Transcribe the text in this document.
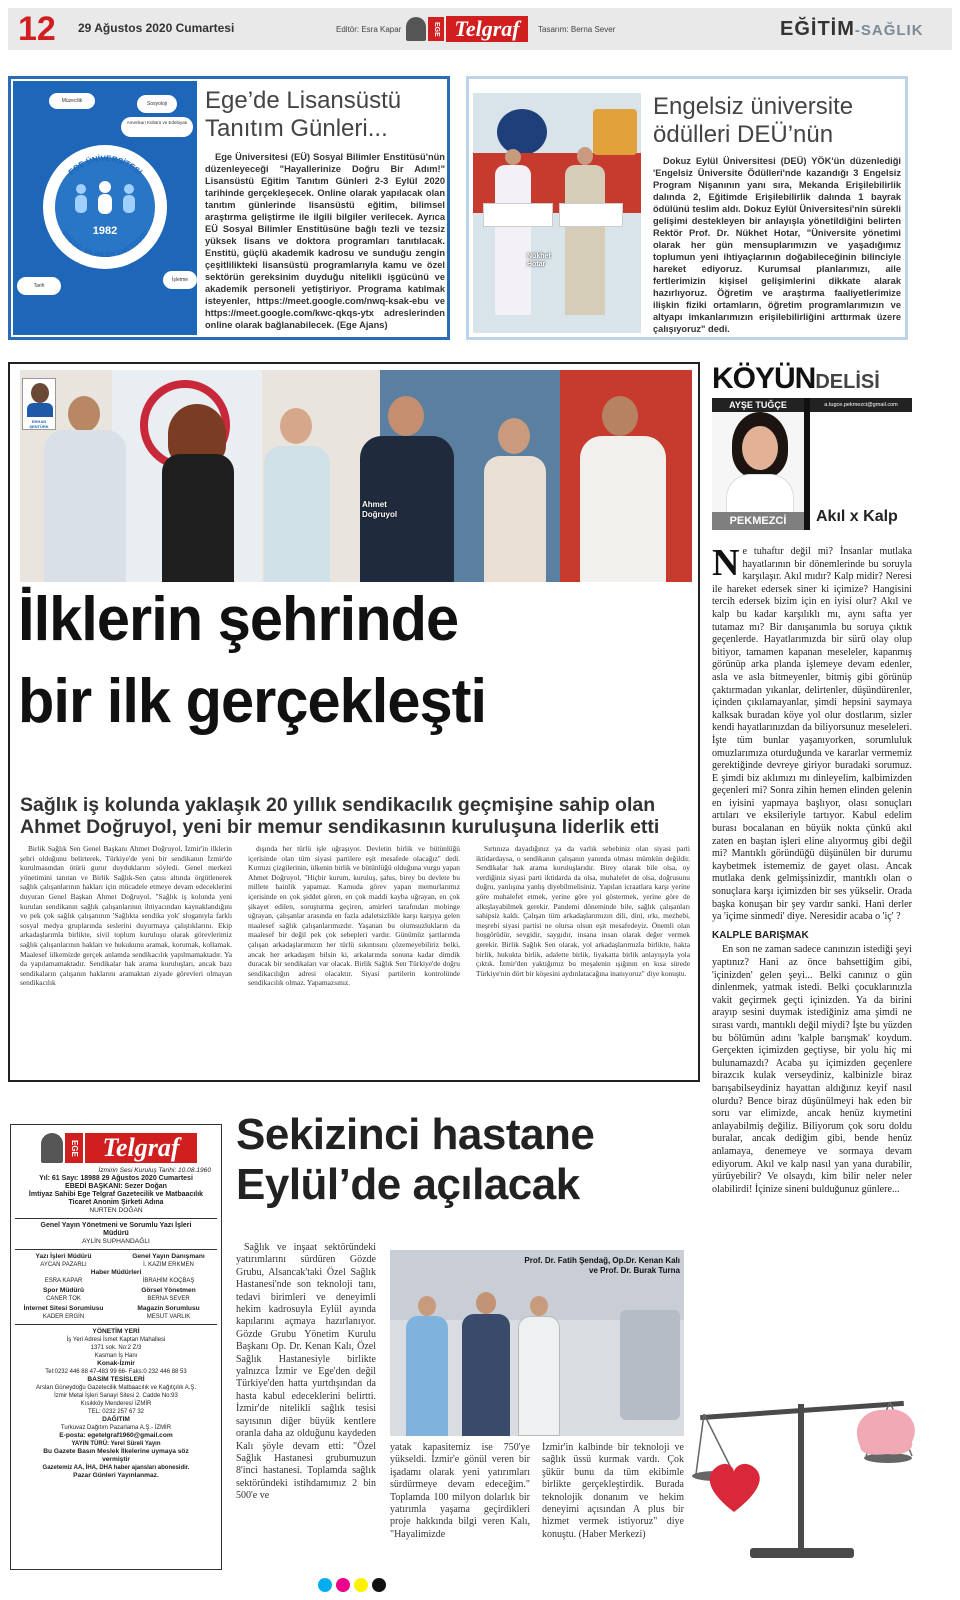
12 29 Ağustos 2020 Cumartesi	Editör: Esra Kapar	EGE Telgraf	Tasarım: Berna Sever	EĞİTİM-SAĞLIK
Müzecilik	Sosyoloji
Amerikan Kültürü ve Edebiyatı
Tarih
İşletme
EGE ÜNİVERSİTESİ
SOSYAL BİLİMLER ENSTİTÜSÜ
1982
Ege’de Lisansüstü
Tanıtım Günleri...
Ege Üniversitesi (EÜ) Sosyal Bilimler Enstitüsü'nün düzenleyeceği "Hayallerinize Doğru Bir Adım!" Lisansüstü Eğitim Tanıtım Günleri 2-3 Eylül 2020 tarihinde gerçekleşecek. Online olarak yapılacak olan tanıtım günlerinde lisansüstü eğitim, bilimsel araştırma geliştirme ile ilgili bilgiler verilecek. Ayrıca EÜ Sosyal Bilimler Enstitüsüne bağlı tezli ve tezsiz yüksek lisans ve doktora programları tanıtılacak. Enstitü, güçlü akademik kadrosu ve sunduğu zengin çeşitlilikteki lisansüstü programlarıyla kamu ve özel sektörün gereksinim duyduğu nitelikli işgücünü ve akademik personeli yetiştiriyor. Programa katılmak isteyenler, https://meet.google.com/nwq-ksak-ebu ve https://meet.google.com/kwc-qkqs-ytx adreslerinden online olarak bağlanabilecek. (Ege Ajans)
Nükhet Hotar
Engelsiz üniversite
ödülleri DEÜ’nün
Dokuz Eylül Üniversitesi (DEÜ) YÖK'ün düzenlediği 'Engelsiz Üniversite Ödülleri'nde kazandığı 3 Engelsiz Program Nişanının yanı sıra, Mekanda Erişilebilirlik dalında 2, Eğitimde Erişilebilirlik dalında 1 bayrak ödülünü teslim aldı. Dokuz Eylül Üniversitesi'nin sürekli gelişimi destekleyen bir anlayışla yönetildiğini belirten Rektör Prof. Dr. Nükhet Hotar, "Üniversite yönetimi olarak her gün mensuplarımızın ve yaşadığımız toplumun yeni ihtiyaçlarının doğabileceğinin bilinciyle hareket ediyoruz. Kurumsal planlarımızı, aile fertlerimizin kişisel gelişimlerini dikkate alarak hazırlıyoruz. Öğretim ve araştırma faaliyetlerimize ilişkin fiziki ortamların, öğretim programlarımızın ve altyapı imkanlarımızın erişilebilirliğini arttırmak üzere çalışıyoruz" dedi.
ERHAN ŞENTÜRK
Ahmet Doğruyol
İlklerin şehrinde
bir ilk gerçekleşti
Sağlık iş kolunda yaklaşık 20 yıllık sendikacılık geçmişine sahip olan
Ahmet Doğruyol, yeni bir memur sendikasının kuruluşuna liderlik etti
Birlik Sağlık Sen Genel Başkanı Ahmet Doğruyol, İzmir'in ilklerin şehri olduğunu belirterek, Türkiye'de yeni bir sendikanın İzmir'de kurulmasından ötürü gurur duyduklarını söyledi. Genel merkezi yönetimini tanıtan ve Birlik Sağlık-Sen çatısı altında örgütlenerek sağlık çalışanlarının hakları için mücadele etmeye devam edeceklerini duyuran Genel Başkan Ahmet Doğruyol, "Sağlık iş kolunda yeni kurulan sendikanın sağlık çalışanlarının ihtiyacından kaynaklandığını ve pek çok sağlık çalışanının 'Sağlıkta sendika yok' sloganıyla farklı sosyal medya gruplarında seslerini duyurmaya çalıştıklarını. Ekip arkadaşlarımla birlikte, sivil toplum kuruluşu olarak görevlerimiz sağlık çalışanlarının hakları ve hukukunu aramak, korumak, kollamak. Maalesef ülkemizde gerçek anlamda sendikacılık yapılmamaktadır. Ya da yapılamamaktadır. Sendikalar hak arama kuruluşları, ancak bazı sendikaların çalışanın haklarını aramaktan ziyade görevleri olmayan sendikacılık
dışında her türlü işle uğraşıyor. Devletin birlik ve bütünlüğü içerisinde olan tüm siyasi partilere eşit mesafede olacağız" dedi. Kırmızı çizgilerinin, ülkenin birlik ve bütünlüğü olduğuna vurgu yapan Ahmet Doğruyol, "Hiçbir kurum, kuruluş, şahıs, birey bu devlete bu millete hainlik yapamaz. Kamuda görev yapan memurlarımız içerisinde en çok şiddet gören, en çok maddi kayba uğrayan, en çok şikayet edilen, soruşturma geçiren, amirleri tarafından mobinge uğrayan, çalışanlar arasında en fazla adaletsizlikle karşı karşıya gelen maalesef sağlık çalışanlarımızdır. Yaşanan bu olumsuzlukların da maalesef bir değil pek çok sebepleri vardır. Günümüz şartlarında çalışan arkadaşlarımızın her türlü sıkıntısını çözemeyebiliriz belki, ancak her arkadaşım bilsin ki, arkalarında sonuna kadar dimdik duracak bir sendikaları var olacak. Birlik Sağlık Sen Türkiye'de doğru sendikacılığın adresi olacaktır. Siyasi partilerin kontrolünde sendikacılık olmaz. Yapamazsınız.
Sırtınıza dayadığınız ya da varlık sebebiniz olan siyasi parti iktidardaysa, o sendikanın çalışanın yanında olması mümkün değildir. Sendikalar hak arama kuruluşlarıdır. Birey olarak bile olsa, oy verdiğiniz siyasi parti iktidarda da olsa, muhalefet de olsa, doğrusunu doğru, yanlışına yanlış diyebilmelisiniz. Yapılan icraatlara karşı yerine göre muhalefet etmek, yerine göre yol göstermek, yerine göre de alkışlayabilmek gerekir. Pandemi döneminde bile, sağlık çalışanları sahipsiz kaldı. Çalışan tüm arkadaşlarımızın dili, dini, ırkı, mezhebi, meşrebi siyasi partisi ne olursa olsun eşit mesafedeyiz. Önemli olan hoşgörüdür, sevgidir, saygıdır, insana insan olarak değer vermek gerekir. Birlik Sağlık Sen olarak, yol arkadaşlarımızla birlikte, hakta birlik, hukukta birlik, adalette birlik, liyakatta birlik anlayışıyla yola çıktık. İzmir'den yaktığımız bu meşalenin ışığının en kısa sürede Türkiye'nin dört bir köşesini aydınlatacağına inanıyoruz" diye konuştu.
KÖYÜNDELİSİ
PEKMEZCİ
AYŞE TUĞÇE	a.tugce.pekmezci@gmail.com
Akıl x Kalp
Ne tuhaftır değil mi? İnsanlar mutlaka hayatlarının bir dönemlerinde bu soruyla karşılaşır. Akıl mıdır? Kalp midir? Neresi ile hareket edersek siner ki içimize? Hangisini tercih edersek bizim için en iyisi olur? Akıl ve kalp bu kadar karşılıklı mı, aynı safta yer tutamaz mı? Bir danışanımla bu soruya çıktık geçenlerde. Hayatlarımızda bir sürü olay olup bitiyor, tamamen kapanan meseleler, kapanmış görünüp arka planda işlemeye devam edenler, asla ve asla bitmeyenler, bitmiş gibi görünüp çaktırmadan yıkanlar, delirtenler, düşündürenler, içinden çıkılamayanlar, şimdi hepsini saymaya kalksak buradan köye yol olur dostlarım, sizler kendi hayatlarınızdan da biliyorsunuz meseleleri. İşte tüm bunlar yaşanıyorken, sorumluluk omuzlarımıza oturduğunda ve kararlar vermemiz gerektiğinde devreye giriyor buradaki sorumuz. E şimdi biz aklımızı mı dinleyelim, kalbimizden geçenleri mi? Sonra zihin hemen elinden gelenin en iyisini yapmaya başlıyor, olası sonuçları artıları ve eksileriyle tartıyor. Kabul edelim burası bocalanan en büyük nokta çünkü akıl zaten en baştan işleri eline alıyormuş gibi değil mi? Mantıklı göründüğü düşünülen bir durumu kaybetmek istememiz de gayet olası. Ancak mutlaka denk gelmişsinizdir, mantıklı olan o sonuçlara karşı içimizden bir ses yükselir. Orada başka konuşan bir şey vardır sanki. Hani derler ya 'içime sinmedi' diye. Neresidir acaba o 'iç' ?
KALPLE BARIŞMAK
En son ne zaman sadece canınızın istediği şeyi yaptınız? Hani az önce bahsettiğim gibi, 'içinizden' gelen şeyi... Belki canınız o gün dinlenmek, yatmak istedi. Belki çocuklarınızla vakit geçirmek geçti içinizden. Ya da birini arayıp sesini duymak istediğiniz ama şimdi ne sırası vardı, mantıklı değil miydi? İşte bu yüzden bu bölümün adını 'kalple barışmak' koydum. Gerçekten içimizden geçtiyse, bir yolu hiç mi bulunamazdı? Acaba şu içimizden geçenlere birazcık kulak verseydiniz, kalbinizle biraz barışabilseydiniz hayattan aldığınız keyif nasıl olurdu? Bence biraz düşünülmeyi hak eden bir soru var elimizde, ancak henüz kıymetini anlayabilmiş değiliz. Biliyorum çok soru doldu buralar, ancak dediğim gibi, bende henüz anlamaya, denemeye ve sormaya devam ediyorum. Akıl ve kalp nasıl yan yana durabilir, yürüyebilir? Ve olsaydı, kim bilir neler neler olabilirdi! İçinize sineni bulduğunuz günlere...
EGE Telgraf
İzmirin Sesi Kuruluş Tarihi: 10.08.1960
Yıl: 61 Sayı: 18988 29 Ağustos 2020 Cumartesi
EBEDİ BAŞKANI: Sezer Doğan
İmtiyaz Sahibi Ege Telgraf Gazetecilik ve Matbaacılık Ticaret Anonim Şirketi Adına
NURTEN DOĞAN
Genel Yayın Yönetmeni ve Sorumlu Yazı İşleri Müdürü
AYLİN SUPHANDAĞLI
Yazı İşleri Müdürü
AYCAN PAZARLI
Genel Yayın Danışmanı
İ. KAZIM ERKMEN
Haber Müdürleri
ESRA KAPAR	İBRAHİM KOÇBAŞ
Spor Müdürü
CANER TOK
Görsel Yönetmen
BERNA SEVER
İnternet Sitesi Sorumlusu
KADER ERGİN
Magazin Sorumlusu
MESUT VARLIK
YÖNETİM YERİ
İş Yeri Adresi İsmet Kaptan Mahallesi
1371 sok. No:2 Z/3
Kasman İş Hanı
Konak-İzmir
Tel:0232 446 88 47-483 99 66- Faks:0 232 446 88 53
BASIM TESİSLERİ
Arslan Güneydoğu Gazetecilik Matbaacılık ve Kağıtçılık A.Ş.
İzmir Metal İşleri Sanayi Sitesi 2. Cadde No:93
Kısıkköy Menderes/ İZMİR
TEL: 0232 257 67 32
DAĞITIM
Turkuvaz Dağıtım Pazarlama A.Ş.- İZMİR
E-posta: egetelgraf1960@gmail.com
YAYIN TÜRÜ: Yerel Süreli Yayın
Bu Gazete Basın Meslek İlkelerine uymaya söz vermiştir
Gazetemiz AA, İHA, DHA haber ajansları abonesidir.
Pazar Günleri Yayınlanmaz.
Sekizinci hastane
Eylül’de açılacak
Sağlık ve inşaat sektöründeki yatırımlarını sürdüren Gözde Grubu, Alsancak'taki Özel Sağlık Hastanesi'nde son teknoloji tanı, tedavi birimleri ve deneyimli hekim kadrosuyla Eylül ayında kapılarını açmaya hazırlanıyor. Gözde Grubu Yönetim Kurulu Başkanı Op. Dr. Kenan Kalı, Özel Sağlık Hastanesiyle birlikte yalnızca İzmir ve Ege'den değil Türkiye'den hatta yurtdışından da hasta kabul edeceklerini belirtti. İzmir'de nitelikli sağlık tesisi sayısının diğer büyük kentlere oranla daha az olduğunu kaydeden Kalı şöyle devam etti: "Özel Sağlık Hastanesi grubumuzun 8'inci hastanesi. Toplamda sağlık sektöründeki istihdamımız 2 bin 500'e ve
Prof. Dr. Fatih Şendağ, Op.Dr. Kenan Kalı
ve Prof. Dr. Burak Turna
yatak kapasitemiz ise 750'ye yükseldi. İzmir'e gönül veren bir işadamı olarak yeni yatırımları sürdürmeye devam edeceğim." Toplamda 100 milyon dolarlık bir yatırımla yaşama geçirdikleri proje hakkında bilgi veren Kalı, "Hayalimizde
İzmir'in kalbinde bir teknoloji ve sağlık üssü kurmak vardı. Çok şükür bunu da tüm ekibimle birlikte gerçekleştirdik. Burada teknolojik donanım ve hekim deneyimi açısından A plus bir hizmet vermek istiyoruz" diye konuştu. (Haber Merkezi)
